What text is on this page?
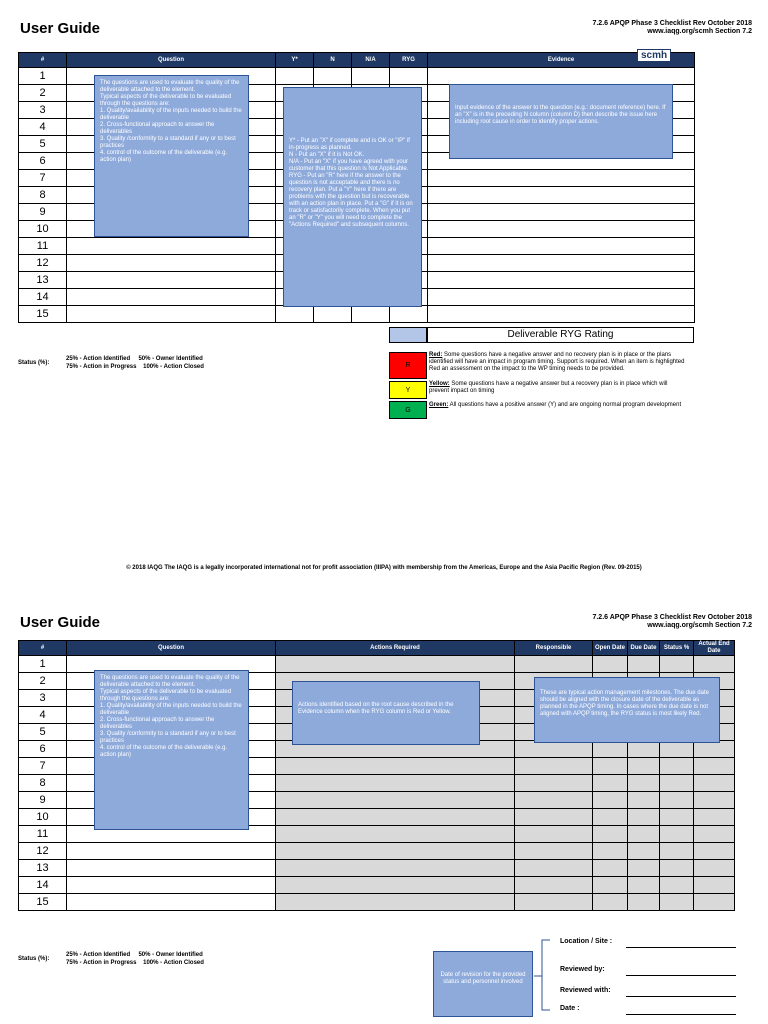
User Guide	7.2.6 APQP Phase 3 Checklist Rev October 2018
www.iaqg.org/scmh Section 7.2
#	Question	Y*	N	N/A	RYG	Evidence
1						
2						
3						
4						
5						
6						
7						
8						
9						
10						
11						
12						
13						
14						
15						
scmh
The questions are used to evaluate the quality of the deliverable attached to the element.
Typical aspects of the deliverable to be evaluated through the questions are:
1. Quality/availability of the inputs needed to build the deliverable
2. Cross-functional approach to answer the deliverables
3. Quality /conformity to a standard if any or to best practices
4. control of the outcome of the deliverable (e.g. action plan)
Y* - Put an "X" if complete and is OK or "IP" if in-progress as planned.
N - Put an "X" if it is Not OK.
N/A - Put an "X" if you have agreed with your customer that this question is Not Applicable.
RYG - Put an "R" here if the answer to the question is not acceptable and there is no recovery plan. Put a "Y" here if there are problems with the question but is recoverable with an action plan in place. Put a "G" if it is on track or satisfactorily complete. When you put an "R" or "Y" you will need to complete the "Actions Required" and subsequent columns.
Input evidence of the answer to the question (e.g.: document reference) here. If an "X" is in the preceding N column (column D) then describe the issue here including root cause in order to identify proper actions.
Deliverable RYG Rating
Status (%):
25% - Action Identified     50% - Owner Identified
75% - Action in Progress    100% - Action Closed	R
Y
G
Red: Some questions have a negative answer and no recovery plan is in place or the plans identified will have an impact in program timing. Support is required. When an item is highlighted Red an assessment on the impact to the WP timing needs to be provided.
Yellow: Some questions have a negative answer but a recovery plan is in place which will prevent impact on timing
Green: All questions have a positive answer (Y) and are ongoing normal program development
© 2018 IAQG The IAQG is a legally incorporated international not for profit association (IIIPA) with membership from the Americas, Europe and the Asia Pacific Region (Rev. 09-2015)
User Guide	7.2.6 APQP Phase 3 Checklist Rev October 2018
www.iaqg.org/scmh Section 7.2
#	Question	Actions Required	Responsible	Open Date	Due Date	Status %	Actual End Date
1							
2							
3							
4							
5							
6							
7							
8							
9							
10							
11							
12							
13							
14							
15							
The questions are used to evaluate the quality of the deliverable attached to the element.
Typical aspects of the deliverable to be evaluated through the questions are:
1. Quality/availability of the inputs needed to build the deliverable
2. Cross-functional approach to answer the deliverables
3. Quality /conformity to a standard if any or to best practices
4. control of the outcome of the deliverable (e.g. action plan)
Actions identified based on the root cause described in the Evidence column when the RYG column is Red or Yellow.
These are typical action management milestones. The due date should be aligned with the closure date of the deliverable as planned in the APQP timing. In cases where the due date is not aligned with APQP timing, the RYG status is most likely Red.
Status (%):
25% - Action Identified     50% - Owner Identified
75% - Action in Progress    100% - Action Closed
Date of revision for the provided status and personnel involved
Location / Site :
Reviewed by:
Reviewed with:
Date :
